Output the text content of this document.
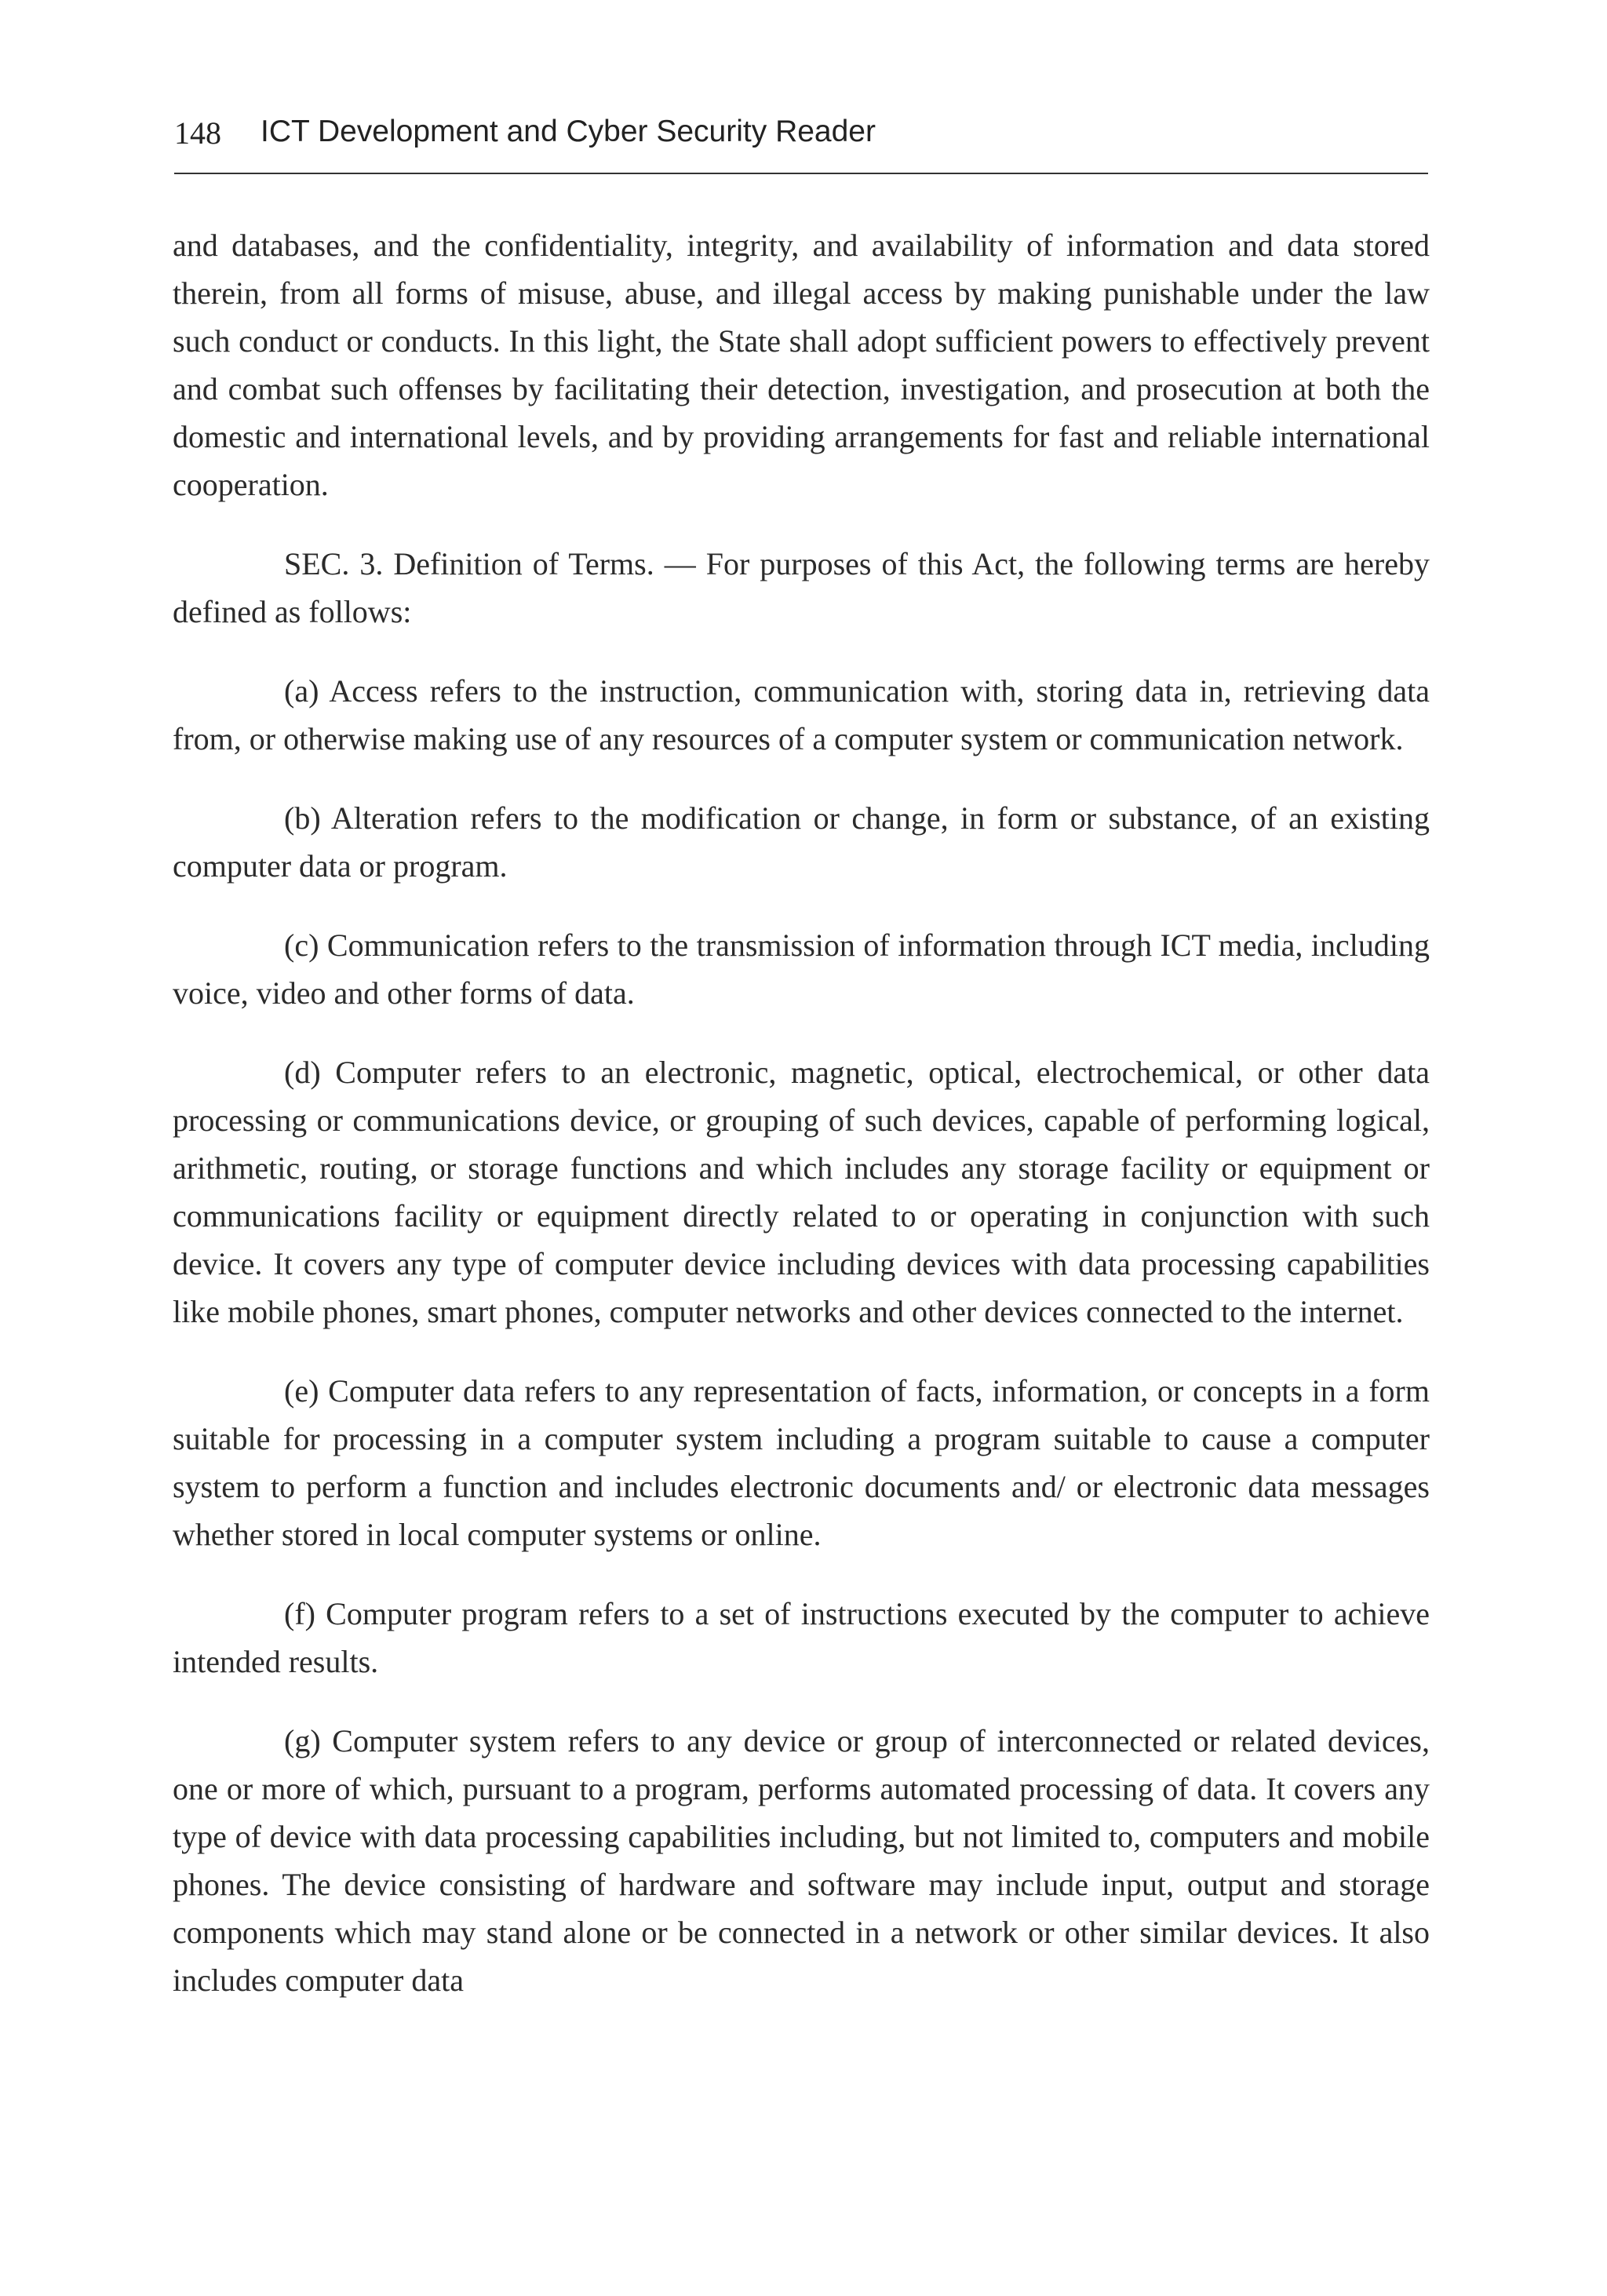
148 ICT Development and Cyber Security Reader

and databases, and the confidentiality, integrity, and availability of information and data stored therein, from all forms of misuse, abuse, and illegal access by making punishable under the law such conduct or conducts. In this light, the State shall adopt sufficient powers to effectively prevent and combat such offenses by facilitating their detection, investigation, and prosecution at both the domestic and international levels, and by providing arrangements for fast and reliable international cooperation.

SEC. 3. Definition of Terms. — For purposes of this Act, the following terms are hereby defined as follows:

(a) Access refers to the instruction, communication with, storing data in, retrieving data from, or otherwise making use of any resources of a computer system or communication network.

(b) Alteration refers to the modification or change, in form or substance, of an existing computer data or program.

(c) Communication refers to the transmission of information through ICT media, including voice, video and other forms of data.

(d) Computer refers to an electronic, magnetic, optical, electrochemical, or other data processing or communications device, or grouping of such devices, capable of performing logical, arithmetic, routing, or storage functions and which includes any storage facility or equipment or communications facility or equipment directly related to or operating in conjunction with such device. It covers any type of computer device including devices with data processing capabilities like mobile phones, smart phones, computer networks and other devices connected to the internet.

(e) Computer data refers to any representation of facts, information, or concepts in a form suitable for processing in a computer system including a program suitable to cause a computer system to perform a function and includes electronic documents and/ or electronic data messages whether stored in local computer systems or online.

(f) Computer program refers to a set of instructions executed by the computer to achieve intended results.

(g) Computer system refers to any device or group of interconnected or related devices, one or more of which, pursuant to a program, performs automated processing of data. It covers any type of device with data processing capabilities including, but not limited to, computers and mobile phones. The device consisting of hardware and software may include input, output and storage components which may stand alone or be connected in a network or other similar devices. It also includes computer data
